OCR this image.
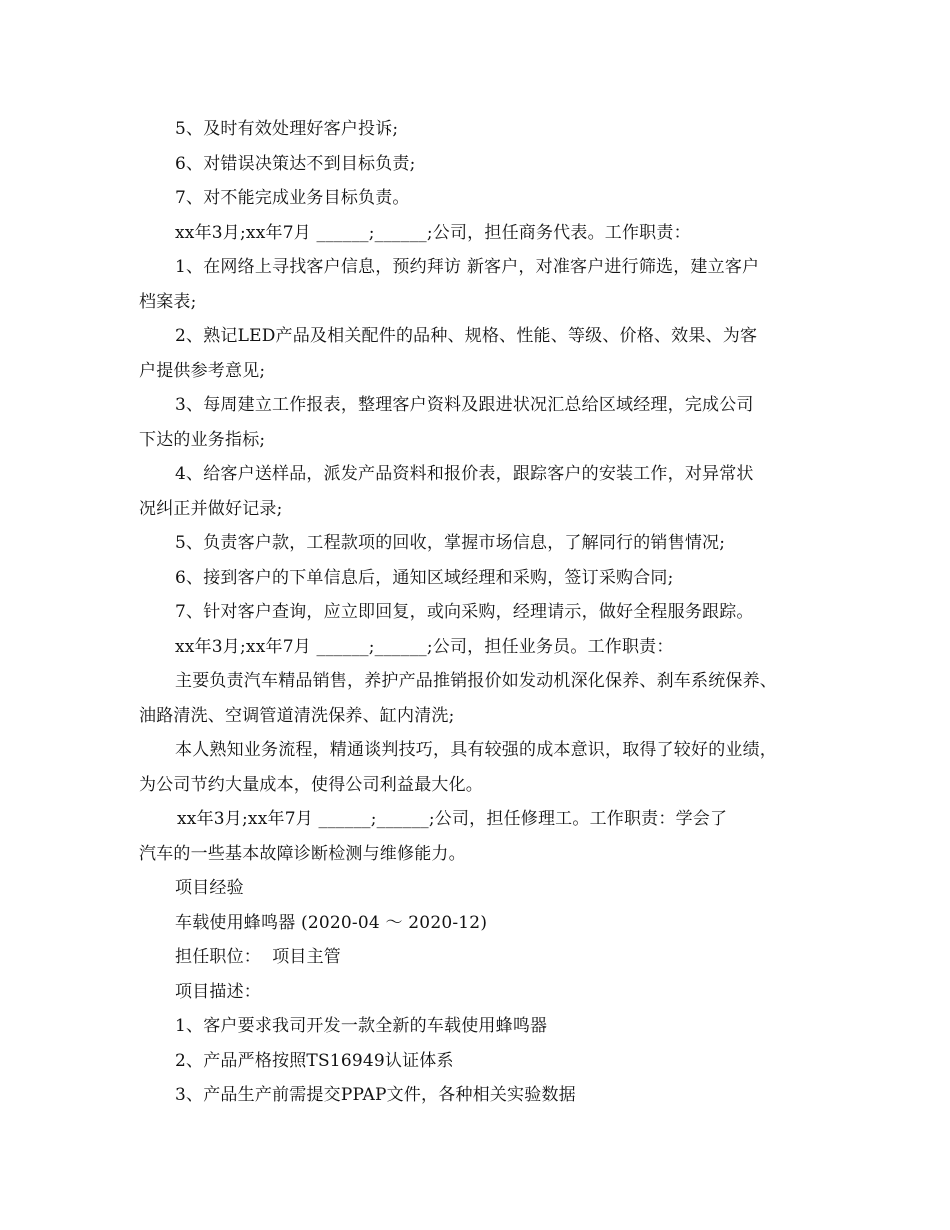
5、及时有效处理好客户投诉;
6、对错误决策达不到目标负责;
7、对不能完成业务目标负责。
xx年3月;xx年7月 ______;______;公司，担任商务代表。工作职责：
1、在网络上寻找客户信息，预约拜访 新客户，对准客户进行筛选，建立客户
档案表;
2、熟记LED产品及相关配件的品种、规格、性能、等级、价格、效果、为客
户提供参考意见;
3、每周建立工作报表，整理客户资料及跟进状况汇总给区域经理，完成公司
下达的业务指标;
4、给客户送样品，派发产品资料和报价表，跟踪客户的安装工作，对异常状
况纠正并做好记录;
5、负责客户款，工程款项的回收，掌握市场信息，了解同行的销售情况;
6、接到客户的下单信息后，通知区域经理和采购，签订采购合同;
7、针对客户查询，应立即回复，或向采购，经理请示，做好全程服务跟踪。
xx年3月;xx年7月 ______;______;公司，担任业务员。工作职责：
主要负责汽车精品销售，养护产品推销报价如发动机深化保养、刹车系统保养、
油路清洗、空调管道清洗保养、缸内清洗;
本人熟知业务流程，精通谈判技巧，具有较强的成本意识，取得了较好的业绩，
为公司节约大量成本，使得公司利益最大化。
xx年3月;xx年7月 ______;______;公司，担任修理工。工作职责：学会了
汽车的一些基本故障诊断检测与维修能力。
项目经验
车载使用蜂鸣器 (2020-04 ～ 2020-12)
担任职位：  项目主管
项目描述：
1、客户要求我司开发一款全新的车载使用蜂鸣器
2、产品严格按照TS16949认证体系
3、产品生产前需提交PPAP文件，各种相关实验数据
